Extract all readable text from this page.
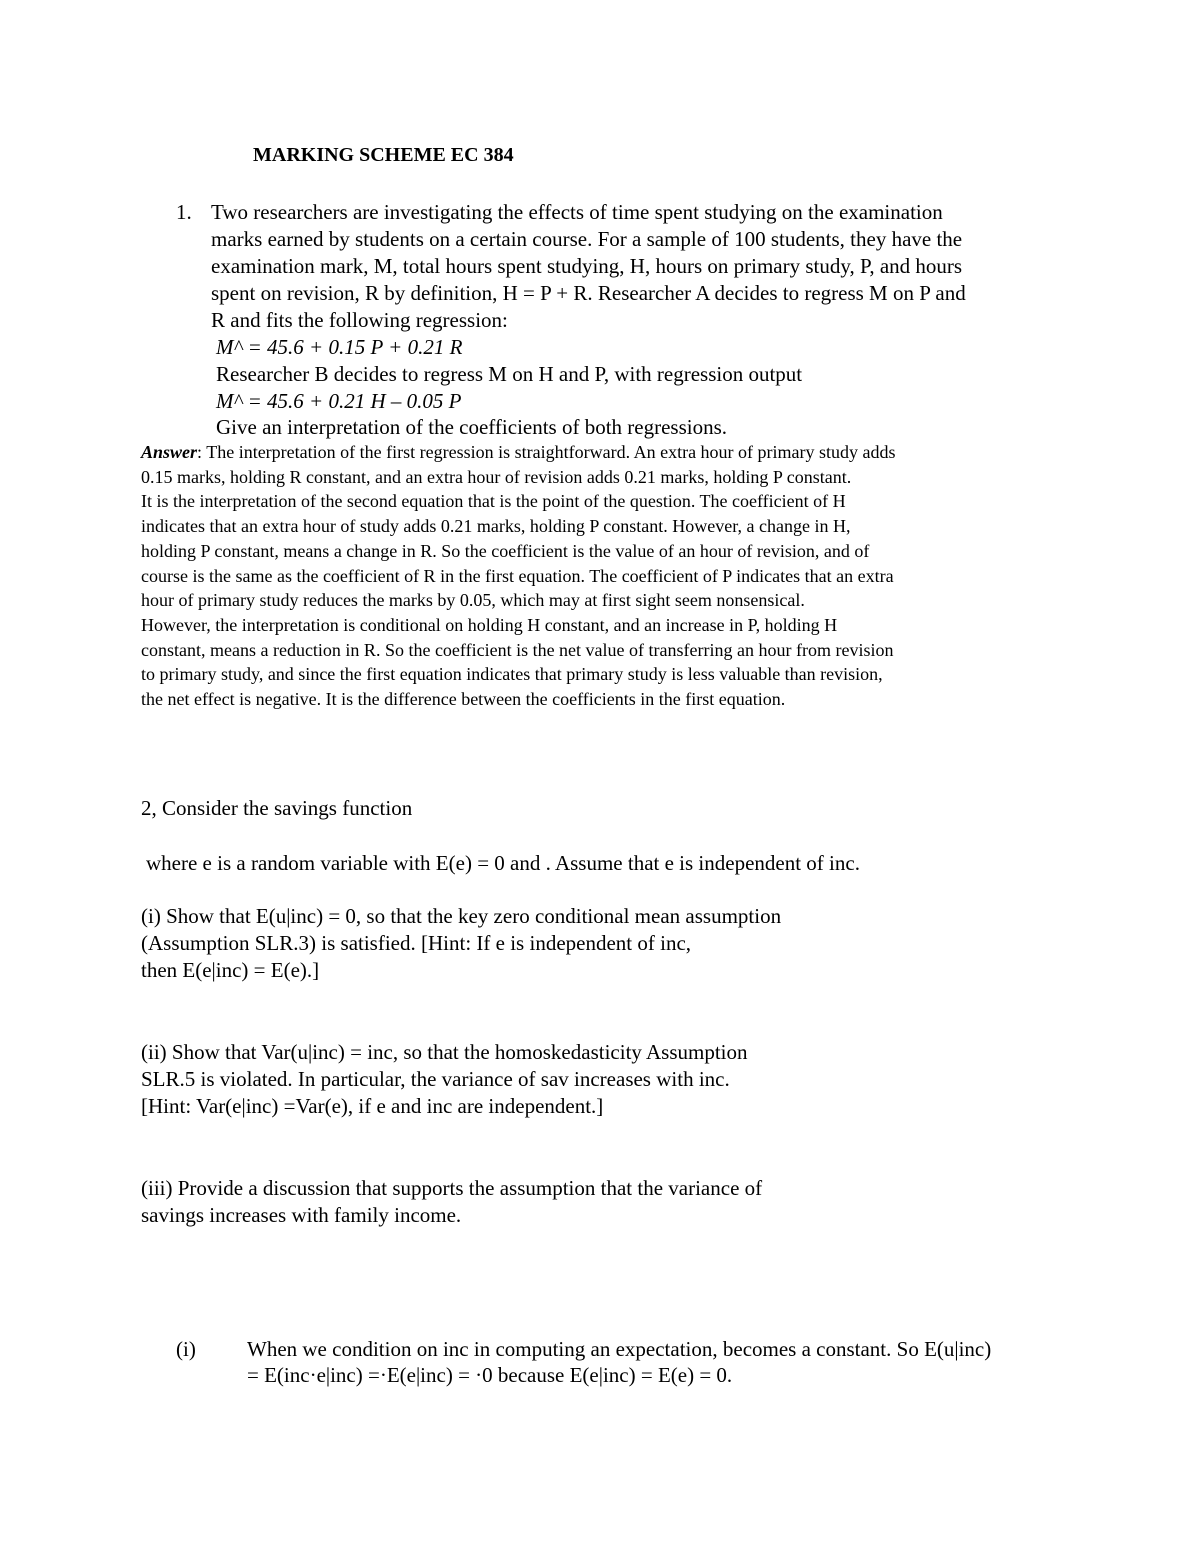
MARKING SCHEME EC 384
1. Two researchers are investigating the effects of time spent studying on the examination
marks earned by students on a certain course. For a sample of 100 students, they have the
examination mark, M, total hours spent studying, H, hours on primary study, P, and hours
spent on revision, R by definition, H = P + R. Researcher A decides to regress M on P and
R and fits the following regression:
M^ = 45.6 + 0.15 P + 0.21 R
Researcher B decides to regress M on H and P, with regression output
M^ = 45.6 + 0.21 H – 0.05 P
Give an interpretation of the coefficients of both regressions.
Answer: The interpretation of the first regression is straightforward. An extra hour of primary study adds
0.15 marks, holding R constant, and an extra hour of revision adds 0.21 marks, holding P constant.
It is the interpretation of the second equation that is the point of the question. The coefficient of H
indicates that an extra hour of study adds 0.21 marks, holding P constant. However, a change in H,
holding P constant, means a change in R. So the coefficient is the value of an hour of revision, and of
course is the same as the coefficient of R in the first equation. The coefficient of P indicates that an extra
hour of primary study reduces the marks by 0.05, which may at first sight seem nonsensical.
However, the interpretation is conditional on holding H constant, and an increase in P, holding H
constant, means a reduction in R. So the coefficient is the net value of transferring an hour from revision
to primary study, and since the first equation indicates that primary study is less valuable than revision,
the net effect is negative. It is the difference between the coefficients in the first equation.
2, Consider the savings function
where e is a random variable with E(e) = 0 and . Assume that e is independent of inc.
(i) Show that E(u|inc) = 0, so that the key zero conditional mean assumption
(Assumption SLR.3) is satisfied. [Hint: If e is independent of inc,
then E(e|inc) = E(e).]
(ii) Show that Var(u|inc) = inc, so that the homoskedasticity Assumption
SLR.5 is violated. In particular, the variance of sav increases with inc.
[Hint: Var(e|inc) =Var(e), if e and inc are independent.]
(iii) Provide a discussion that supports the assumption that the variance of
savings increases with family income.
(i) When we condition on inc in computing an expectation, becomes a constant. So E(u|inc)
= E(inc·e|inc) =·E(e|inc) = ·0 because E(e|inc) = E(e) = 0.
